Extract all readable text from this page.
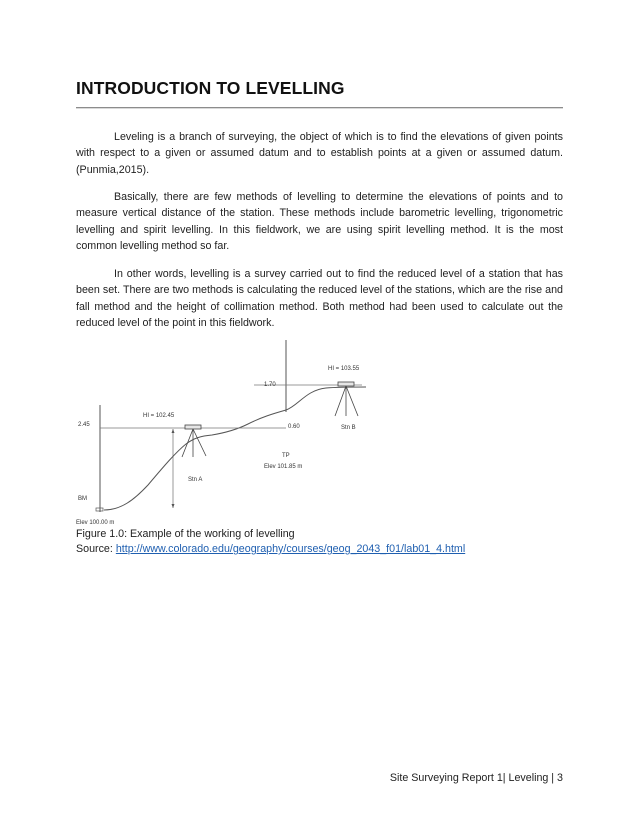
INTRODUCTION TO LEVELLING

Leveling is a branch of surveying, the object of which is to find the elevations of given points with respect to a given or assumed datum and to establish points at a given or assumed datum. (Punmia,2015).

Basically, there are few methods of levelling to determine the elevations of points and to measure vertical distance of the station. These methods include barometric levelling, trigonometric levelling and spirit levelling. In this fieldwork, we are using spirit levelling method. It is the most common levelling method so far.

In other words, levelling is a survey carried out to find the reduced level of a station that has been set. There are two methods is calculating the reduced level of the stations, which are the rise and fall method and the height of collimation method. Both method had been used to calculate out the reduced level of the point in this fieldwork.

2.45
BM
Elev 100.00 m
HI = 102.45
Stn A
1.70
0.60
TP
Elev 101.85 m
HI = 103.55
Stn B

Figure 1.0: Example of the working of levelling
Source: http://www.colorado.edu/geography/courses/geog_2043_f01/lab01_4.html

Site Surveying Report 1| Leveling | 3
